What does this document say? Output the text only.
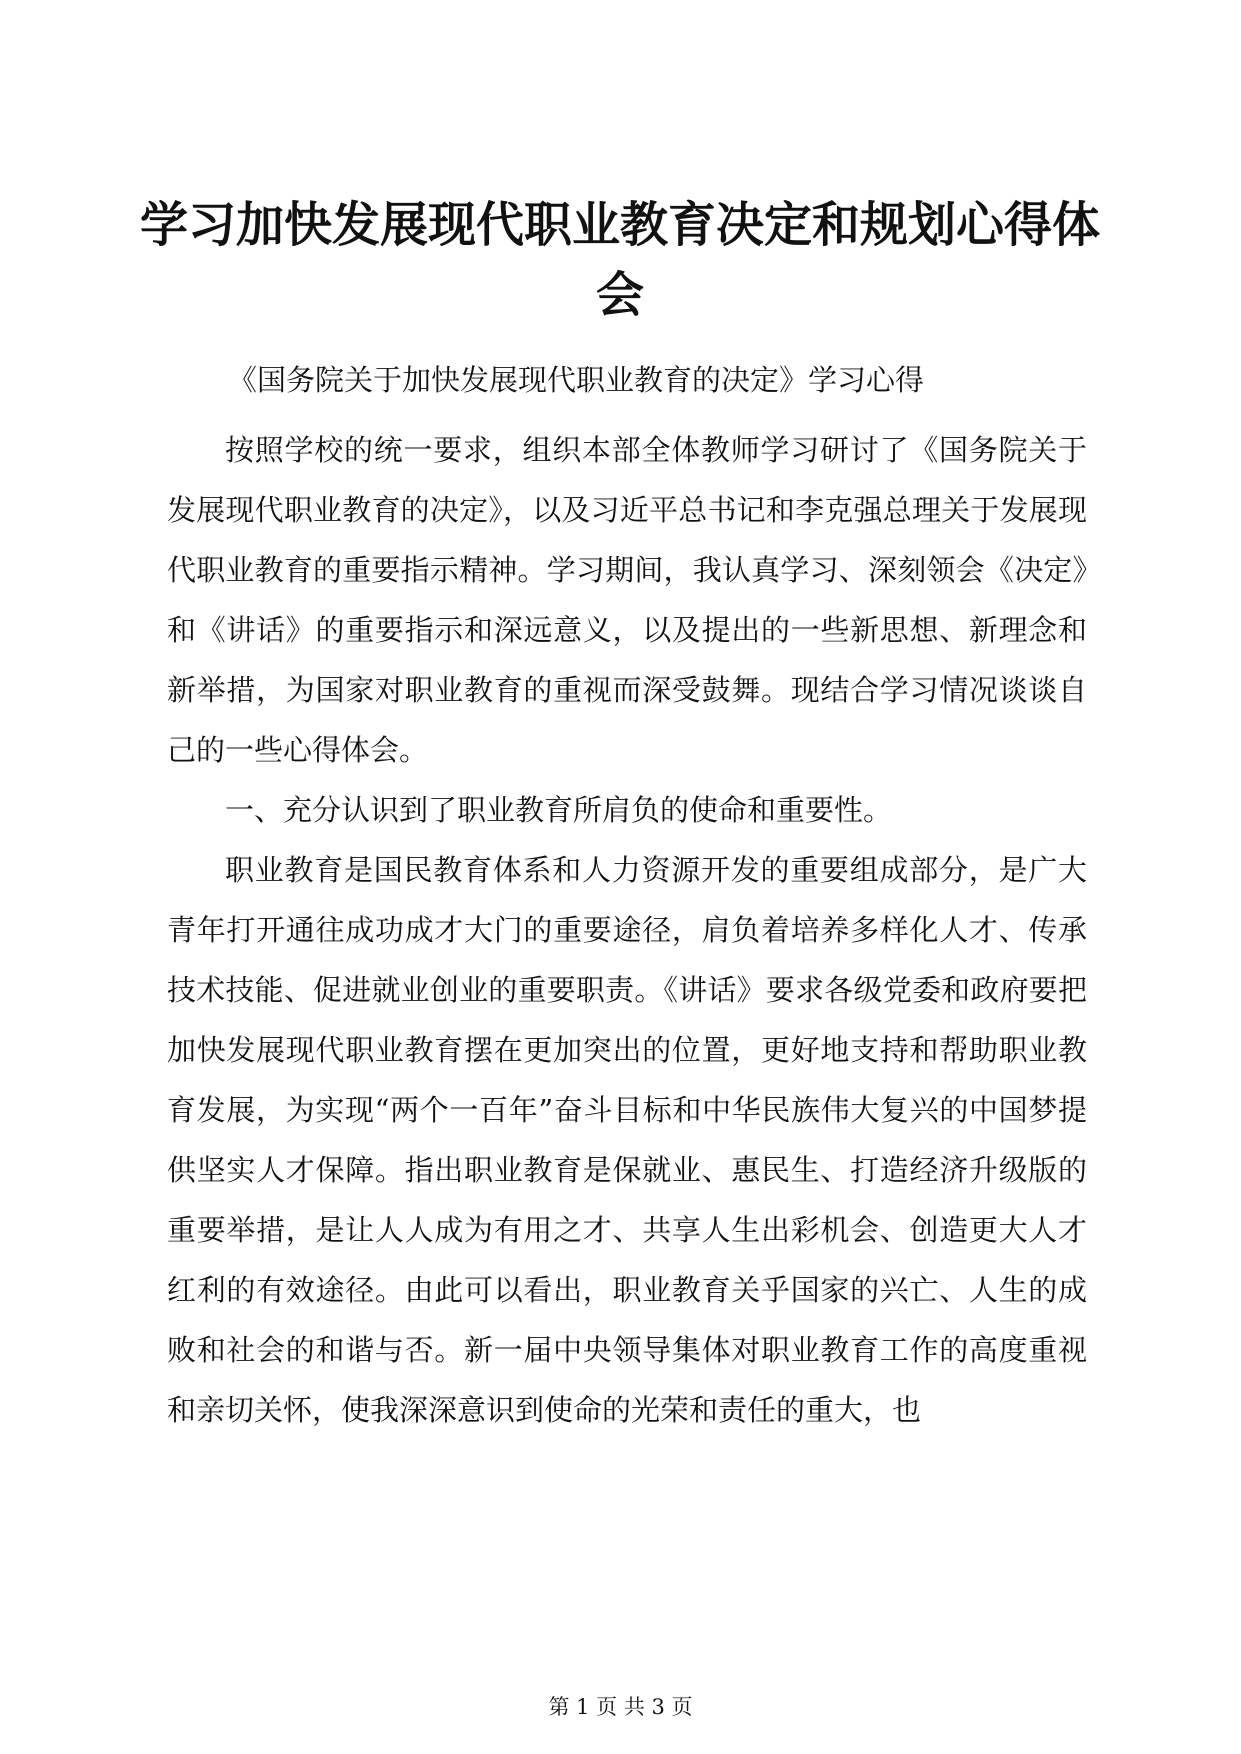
学习加快发展现代职业教育决定和规划心得体会

《国务院关于加快发展现代职业教育的决定》学习心得

按照学校的统一要求，组织本部全体教师学习研讨了《国务院关于发展现代职业教育的决定》，以及习近平总书记和李克强总理关于发展现代职业教育的重要指示精神。学习期间，我认真学习、深刻领会《决定》和《讲话》的重要指示和深远意义，以及提出的一些新思想、新理念和新举措，为国家对职业教育的重视而深受鼓舞。现结合学习情况谈谈自己的一些心得体会。

一、充分认识到了职业教育所肩负的使命和重要性。

职业教育是国民教育体系和人力资源开发的重要组成部分，是广大青年打开通往成功成才大门的重要途径，肩负着培养多样化人才、传承技术技能、促进就业创业的重要职责。《讲话》要求各级党委和政府要把加快发展现代职业教育摆在更加突出的位置，更好地支持和帮助职业教育发展，为实现“两个一百年”奋斗目标和中华民族伟大复兴的中国梦提供坚实人才保障。指出职业教育是保就业、惠民生、打造经济升级版的重要举措，是让人人成为有用之才、共享人生出彩机会、创造更大人才红利的有效途径。由此可以看出，职业教育关乎国家的兴亡、人生的成败和社会的和谐与否。新一届中央领导集体对职业教育工作的高度重视和亲切关怀，使我深深意识到使命的光荣和责任的重大，也

第 1 页 共 3 页
